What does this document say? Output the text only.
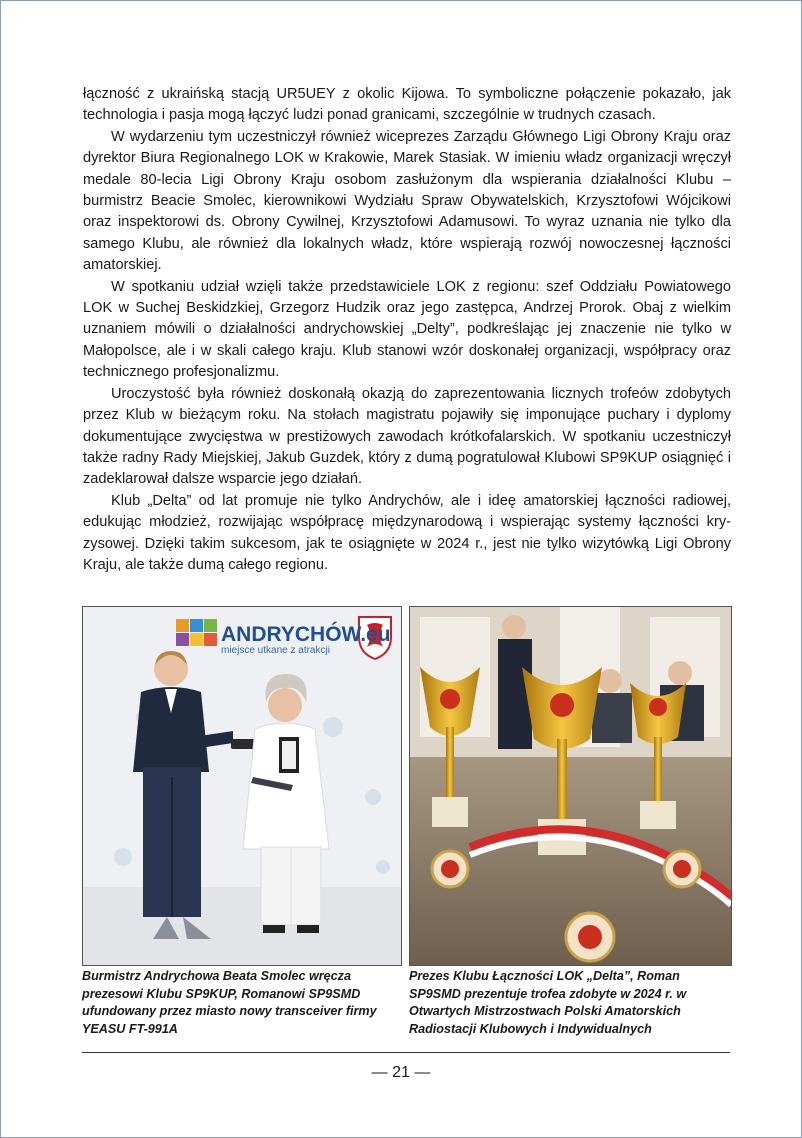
łączność z ukraińską stacją UR5UEY z okolic Kijowa. To symboliczne połączenie pokazało, jak technologia i pasja mogą łączyć ludzi ponad granicami, szczególnie w trudnych czasach.

W wydarzeniu tym uczestniczył również wiceprezes Zarządu Głównego Ligi Obrony Kraju oraz dyrektor Biura Regionalnego LOK w Krakowie, Marek Stasiak. W imieniu władz organizacji wręczył medale 80-lecia Ligi Obrony Kraju osobom zasłużonym dla wspierania działalności Klubu – burmistrz Beacie Smolec, kierownikowi Wydziału Spraw Obywatelskich, Krzysztofowi Wójcikowi oraz inspektorowi ds. Obrony Cywilnej, Krzysztofowi Adamusowi. To wyraz uznania nie tylko dla samego Klubu, ale również dla lokalnych władz, które wspierają rozwój nowoczesnej łączności amatorskiej.

W spotkaniu udział wzięli także przedstawiciele LOK z regionu: szef Oddziału Powiatowego LOK w Suchej Beskidzkiej, Grzegorz Hudzik oraz jego zastępca, Andrzej Prorok. Obaj z wielkim uznaniem mówili o działalności andrychowskiej „Delty”, podkreślając jej znaczenie nie tylko w Małopolsce, ale i w skali całego kraju. Klub stanowi wzór doskonałej organizacji, współpracy oraz technicznego profesjonalizmu.

Uroczystość była również doskonałą okazją do zaprezentowania licznych trofeów zdobytych przez Klub w bieżącym roku. Na stołach magistratu pojawiły się imponujące puchary i dyplomy dokumentujące zwycięstwa w prestiżowych zawodach krótkofalarskich. W spotkaniu uczestniczył także radny Rady Miejskiej, Jakub Guzdek, który z dumą pogratulował Klubowi SP9KUP osiągnięć i zadeklarował dalsze wsparcie jego działań.

Klub „Delta” od lat promuje nie tylko Andrychów, ale i ideę amatorskiej łączności radiowej, edukując młodzież, rozwijając współpracę międzynarodową i wspierając systemy łączności kryzysowej. Dzięki takim sukcesom, jak te osiągnięte w 2024 r., jest nie tylko wizytówką Ligi Obrony Kraju, ale także dumą całego regionu.

ANDRYCHÓW.eu
miejsce utkane z atrakcji
Burmistrz Andrychowa Beata Smolec wręcza prezesowi Klubu SP9KUP, Romanowi SP9SMD ufundowany przez miasto nowy transceiver firmy YEASU FT-991A
Prezes Klubu Łączności LOK „Delta”, Roman SP9SMD prezentuje trofea zdobyte w 2024 r. w Otwartych Mistrzostwach Polski Amatorskich Radiostacji Klubowych i Indywidualnych
— 21 —
